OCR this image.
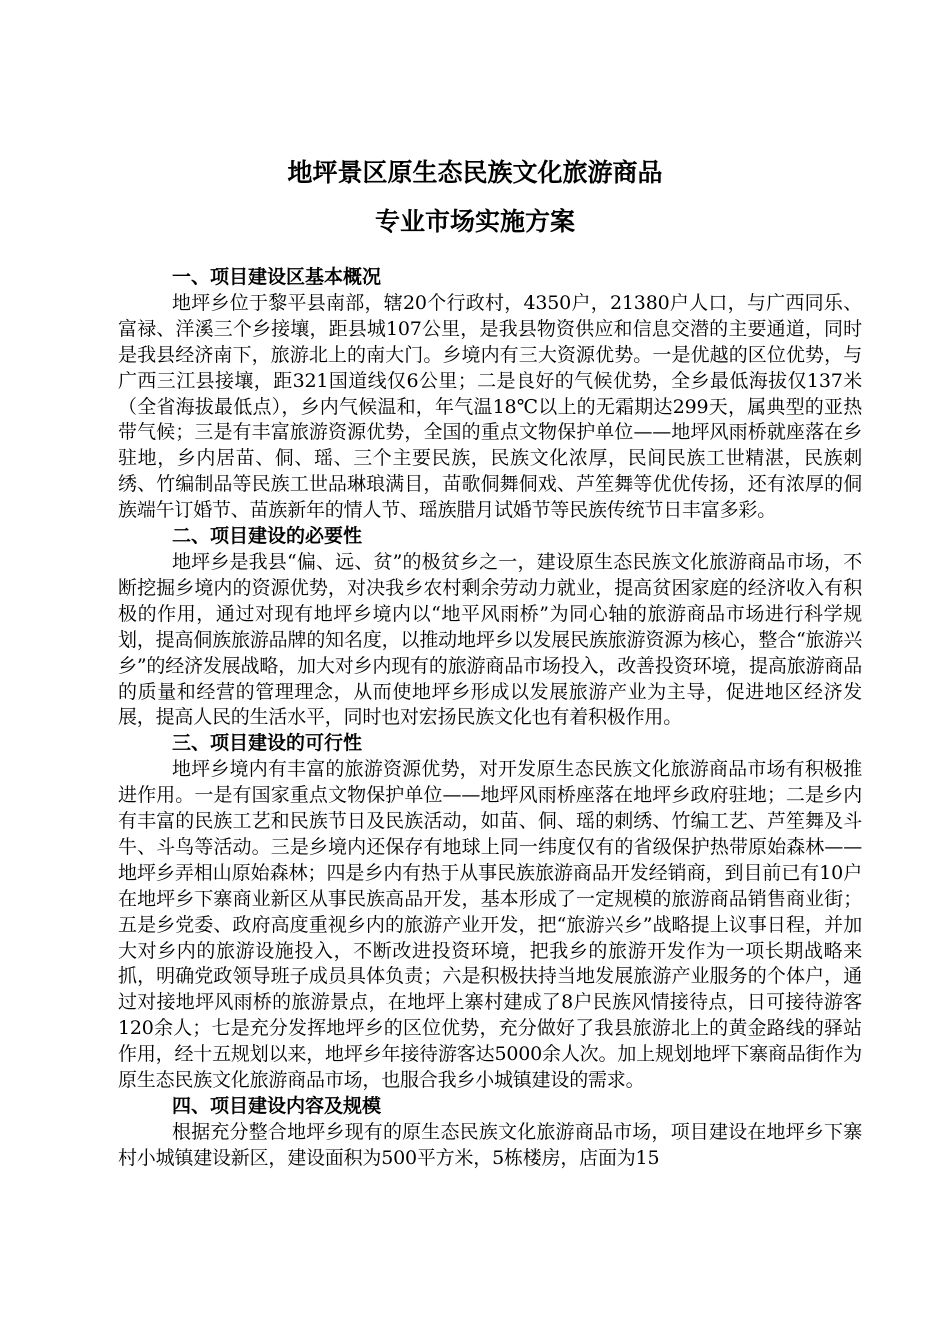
地坪景区原生态民族文化旅游商品
专业市场实施方案

一、项目建设区基本概况

地坪乡位于黎平县南部，辖20个行政村，4350户，21380户人口，与广西同乐、富禄、洋溪三个乡接壤，距县城107公里，是我县物资供应和信息交潜的主要通道，同时是我县经济南下，旅游北上的南大门。乡境内有三大资源优势。一是优越的区位优势，与广西三江县接壤，距321国道线仅6公里；二是良好的气候优势，全乡最低海拔仅137米（全省海拔最低点），乡内气候温和，年气温18℃以上的无霜期达299天，属典型的亚热带气候；三是有丰富旅游资源优势，全国的重点文物保护单位——地坪风雨桥就座落在乡驻地，乡内居苗、侗、瑶、三个主要民族，民族文化浓厚，民间民族工世精湛，民族刺绣、竹编制品等民族工世品琳琅满目，苗歌侗舞侗戏、芦笙舞等优优传扬，还有浓厚的侗族端午订婚节、苗族新年的情人节、瑶族腊月试婚节等民族传统节日丰富多彩。

二、项目建设的必要性

地坪乡是我县“偏、远、贫”的极贫乡之一，建设原生态民族文化旅游商品市场，不断挖掘乡境内的资源优势，对决我乡农村剩余劳动力就业，提高贫困家庭的经济收入有积极的作用，通过对现有地坪乡境内以“地平风雨桥”为同心轴的旅游商品市场进行科学规划，提高侗族旅游品牌的知名度，以推动地坪乡以发展民族旅游资源为核心，整合“旅游兴乡”的经济发展战略，加大对乡内现有的旅游商品市场投入，改善投资环境，提高旅游商品的质量和经营的管理理念，从而使地坪乡形成以发展旅游产业为主导，促进地区经济发展，提高人民的生活水平，同时也对宏扬民族文化也有着积极作用。

三、项目建设的可行性

地坪乡境内有丰富的旅游资源优势，对开发原生态民族文化旅游商品市场有积极推进作用。一是有国家重点文物保护单位——地坪风雨桥座落在地坪乡政府驻地；二是乡内有丰富的民族工艺和民族节日及民族活动，如苗、侗、瑶的刺绣、竹编工艺、芦笙舞及斗牛、斗鸟等活动。三是乡境内还保存有地球上同一纬度仅有的省级保护热带原始森林——地坪乡弄相山原始森林；四是乡内有热于从事民族旅游商品开发经销商，到目前已有10户在地坪乡下寨商业新区从事民族高品开发，基本形成了一定规模的旅游商品销售商业街；五是乡党委、政府高度重视乡内的旅游产业开发，把“旅游兴乡”战略提上议事日程，并加大对乡内的旅游设施投入，不断改进投资环境，把我乡的旅游开发作为一项长期战略来抓，明确党政领导班子成员具体负责；六是积极扶持当地发展旅游产业服务的个体户，通过对接地坪风雨桥的旅游景点，在地坪上寨村建成了8户民族风情接待点，日可接待游客120余人；七是充分发挥地坪乡的区位优势，充分做好了我县旅游北上的黄金路线的驿站作用，经十五规划以来，地坪乡年接待游客达5000余人次。加上规划地坪下寨商品街作为原生态民族文化旅游商品市场，也服合我乡小城镇建设的需求。

四、项目建设内容及规模

根据充分整合地坪乡现有的原生态民族文化旅游商品市场，项目建设在地坪乡下寨村小城镇建设新区，建设面积为500平方米，5栋楼房，店面为15
